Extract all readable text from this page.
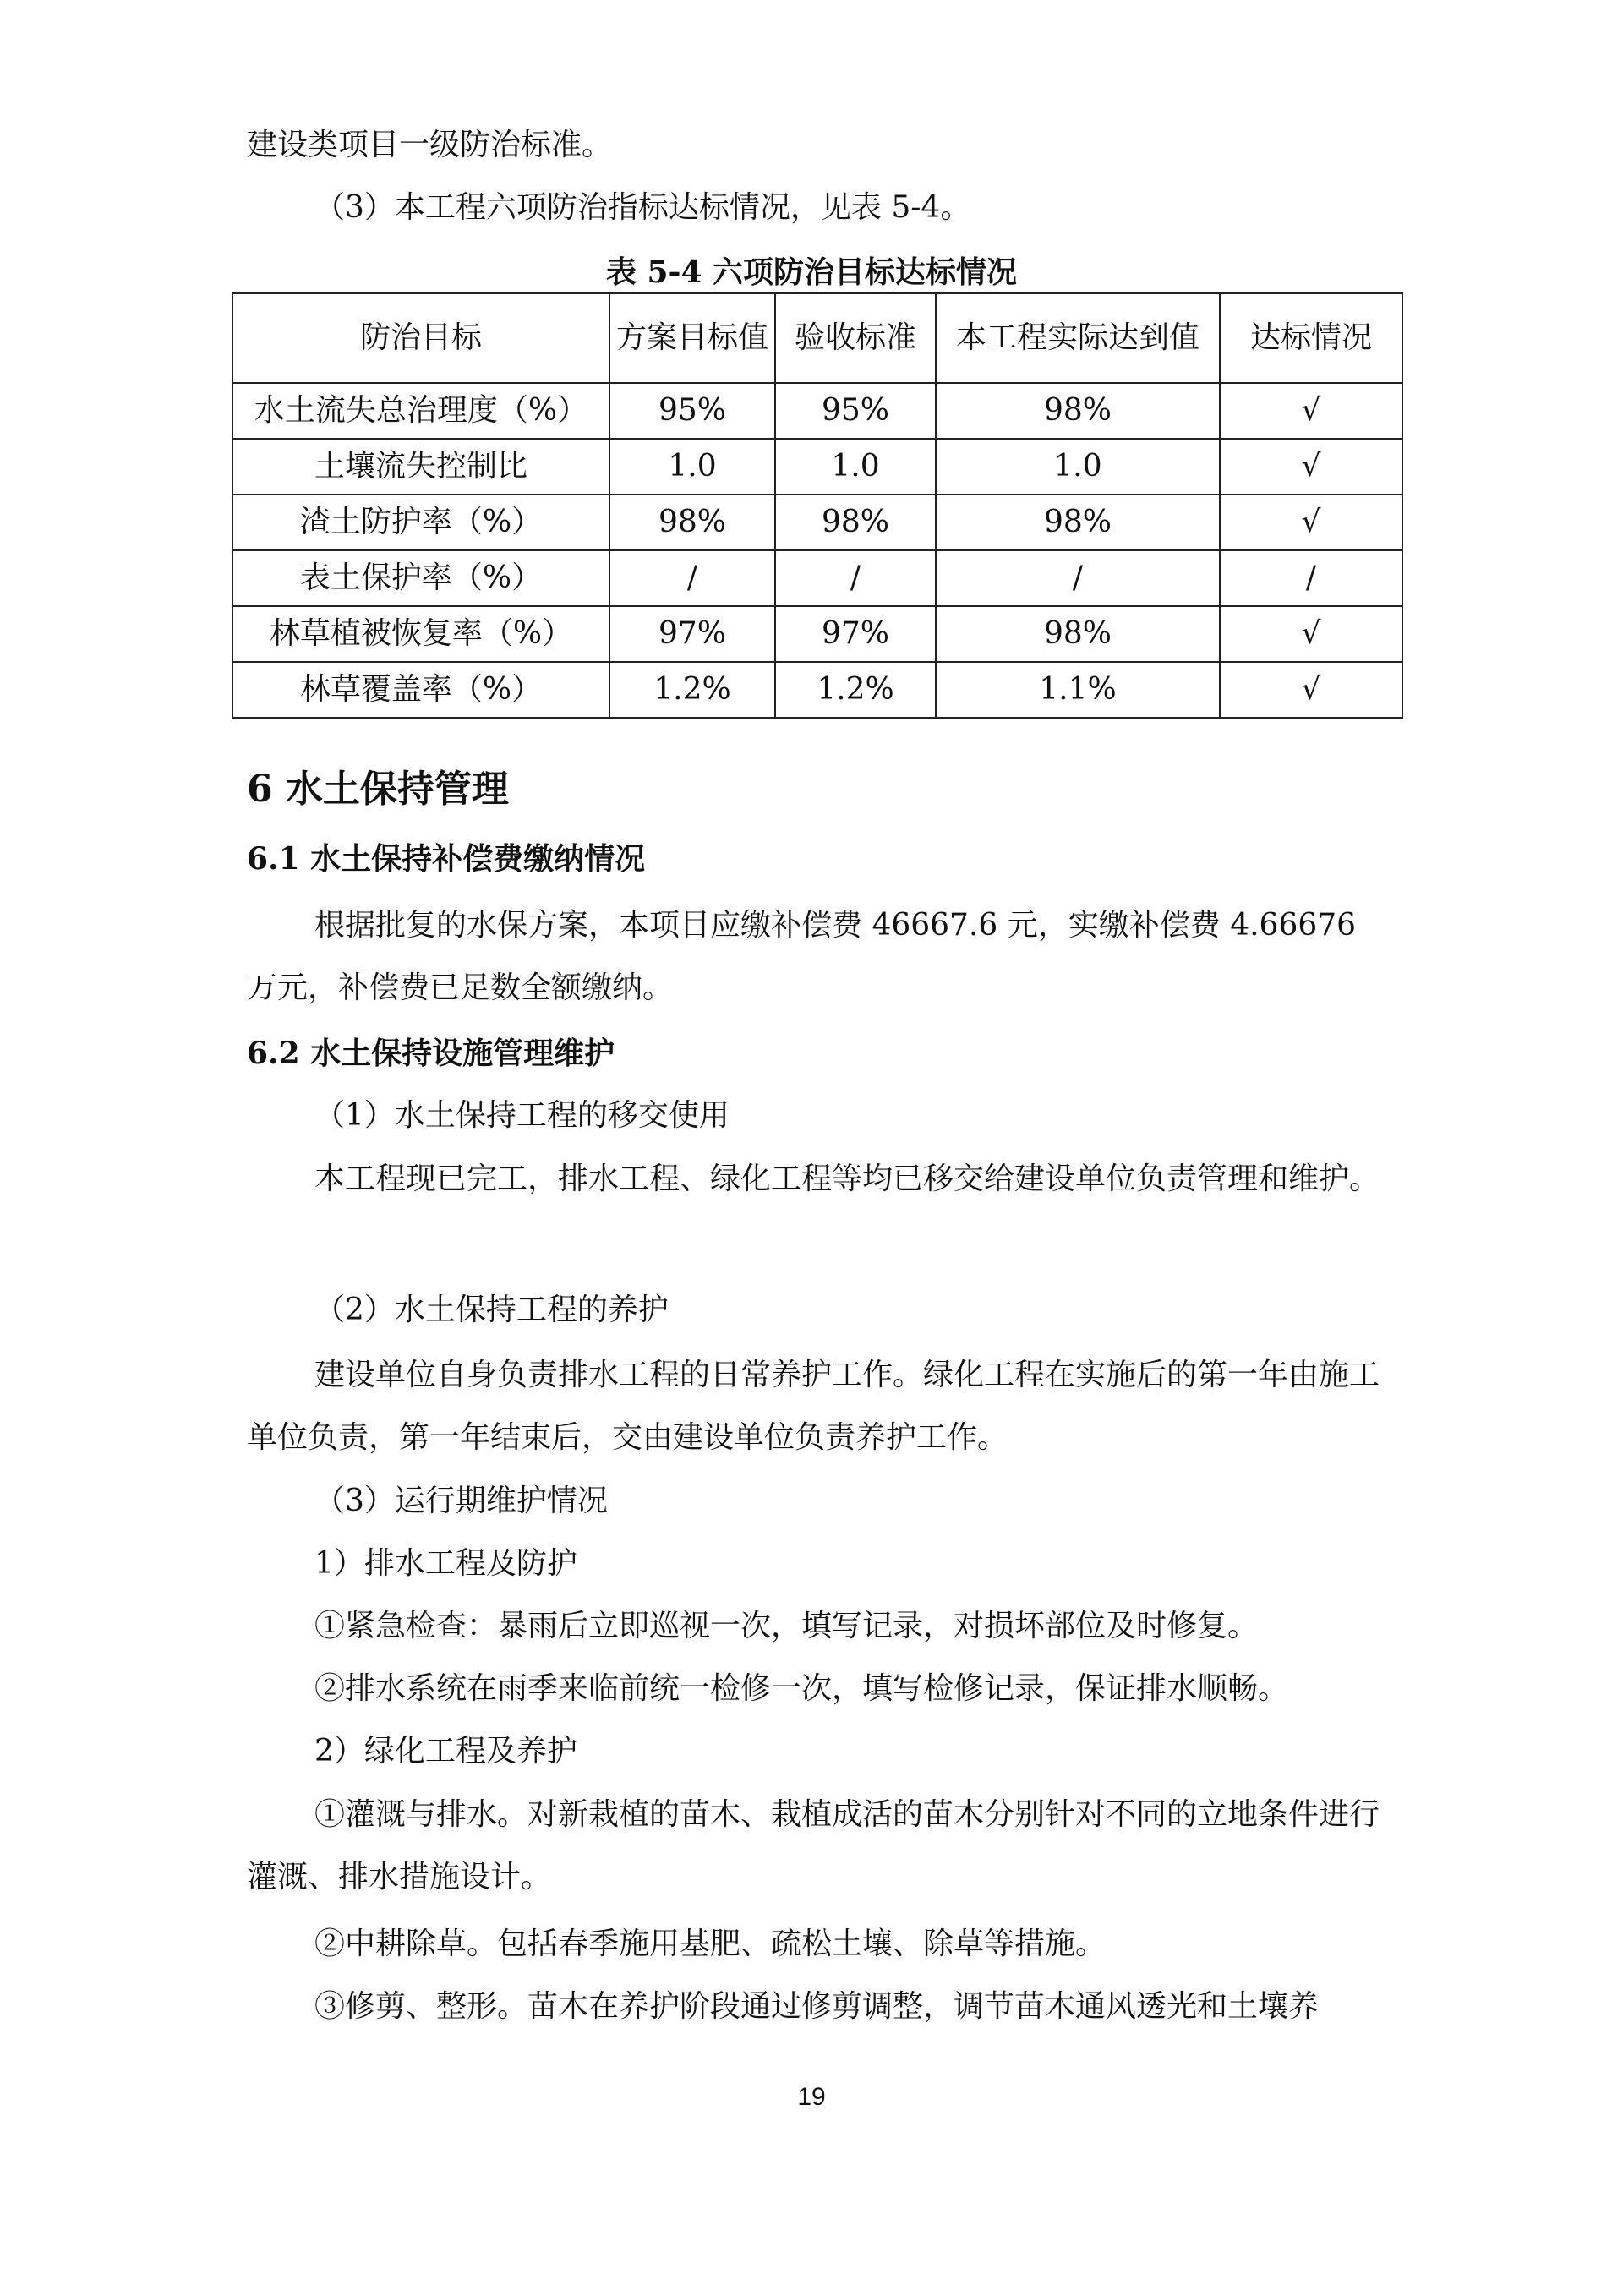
建设类项目一级防治标准。
（3）本工程六项防治指标达标情况，见表 5-4。
表 5-4 六项防治目标达标情况
防治目标	方案目标值	验收标准	本工程实际达到值	达标情况
水土流失总治理度（%）	95%	95%	98%	√
土壤流失控制比	1.0	1.0	1.0	√
渣土防护率（%）	98%	98%	98%	√
表土保护率（%）	/	/	/	/
林草植被恢复率（%）	97%	97%	98%	√
林草覆盖率（%）	1.2%	1.2%	1.1%	√
6 水土保持管理
6.1 水土保持补偿费缴纳情况
根据批复的水保方案，本项目应缴补偿费 46667.6 元，实缴补偿费 4.66676 万元，补偿费已足数全额缴纳。
6.2 水土保持设施管理维护
（1）水土保持工程的移交使用
本工程现已完工，排水工程、绿化工程等均已移交给建设单位负责管理和维护。
（2）水土保持工程的养护
建设单位自身负责排水工程的日常养护工作。绿化工程在实施后的第一年由施工单位负责，第一年结束后，交由建设单位负责养护工作。
（3）运行期维护情况
1）排水工程及防护
①紧急检查：暴雨后立即巡视一次，填写记录，对损坏部位及时修复。
②排水系统在雨季来临前统一检修一次，填写检修记录，保证排水顺畅。
2）绿化工程及养护
①灌溉与排水。对新栽植的苗木、栽植成活的苗木分别针对不同的立地条件进行灌溉、排水措施设计。
②中耕除草。包括春季施用基肥、疏松土壤、除草等措施。
③修剪、整形。苗木在养护阶段通过修剪调整，调节苗木通风透光和土壤养
19
